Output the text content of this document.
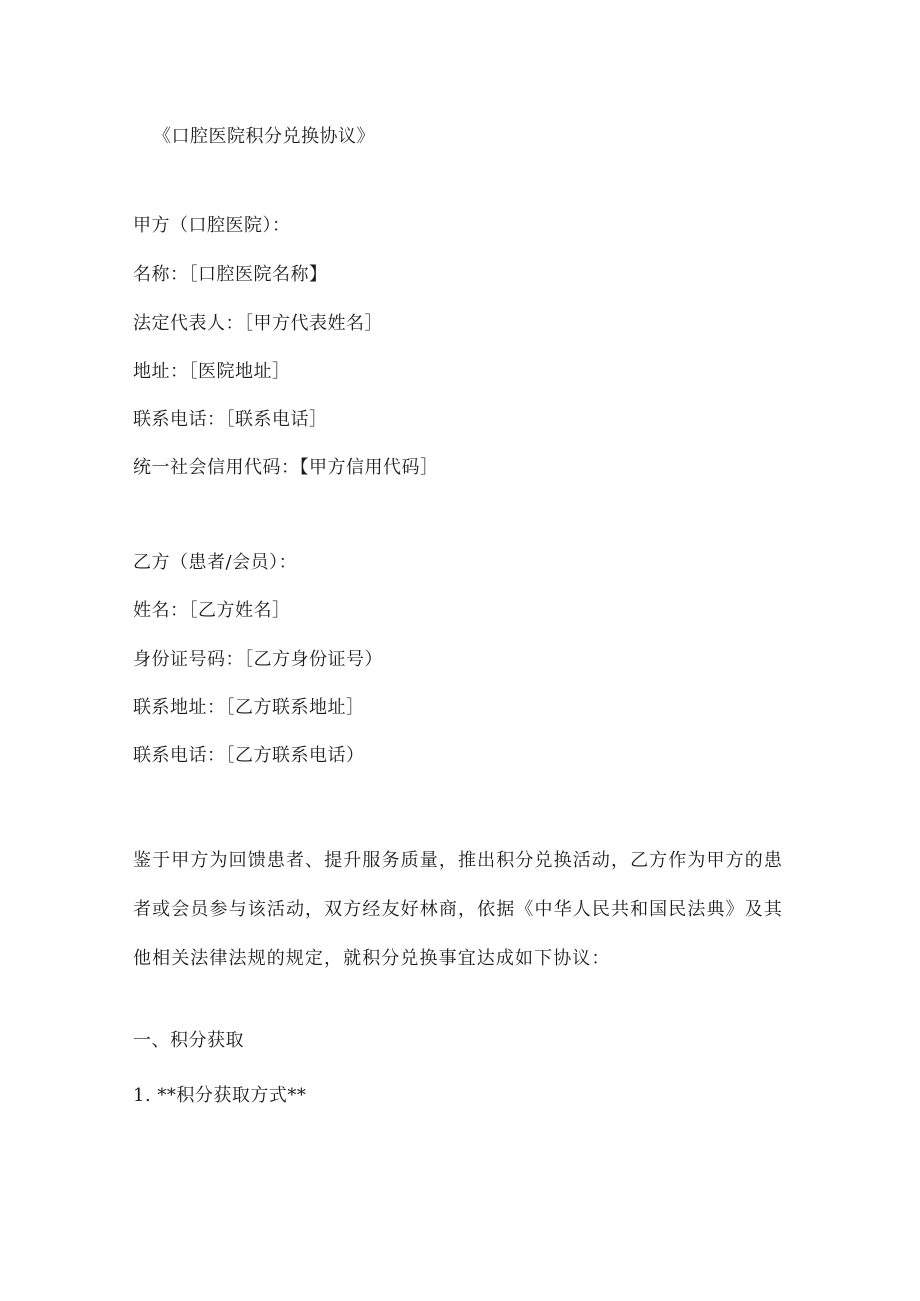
《口腔医院积分兑换协议》
甲方（口腔医院）：
名称：［口腔医院名称】
法定代表人：［甲方代表姓名］
地址：［医院地址］
联系电话：［联系电话］
统一社会信用代码：【甲方信用代码］
乙方（患者/会员）：
姓名：［乙方姓名］
身份证号码：［乙方身份证号）
联系地址：［乙方联系地址］
联系电话：［乙方联系电话）
鉴于甲方为回馈患者、提升服务质量，推出积分兑换活动，乙方作为甲方的患者或会员参与该活动，双方经友好林商，依据《中华人民共和国民法典》及其他相关法律法规的规定，就积分兑换事宜达成如下协议：
一、积分获取
1. **积分获取方式**
